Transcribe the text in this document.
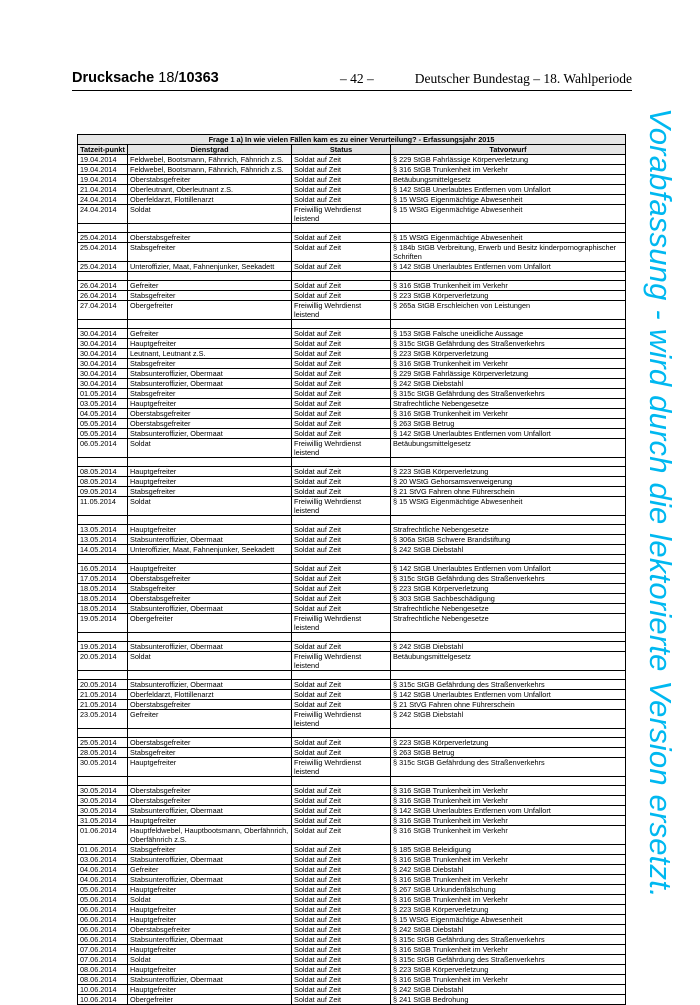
Drucksache 18/10363	– 42 –	Deutscher Bundestag – 18. Wahlperiode
Frage 1 a) In wie vielen Fällen kam es zu einer Verurteilung? - Erfassungsjahr 2015			
Tatzeit-punkt	Dienstgrad	Status	Tatvorwurf
19.04.2014	Feldwebel, Bootsmann, Fähnrich, Fähnrich z.S.	Soldat auf Zeit	§ 229 StGB Fahrlässige Körperverletzung
19.04.2014	Feldwebel, Bootsmann, Fähnrich, Fähnrich z.S.	Soldat auf Zeit	§ 316 StGB Trunkenheit im Verkehr
19.04.2014	Oberstabsgefreiter	Soldat auf Zeit	Betäubungsmittelgesetz
21.04.2014	Oberleutnant, Oberleutnant z.S.	Soldat auf Zeit	§ 142 StGB Unerlaubtes Entfernen vom Unfallort
24.04.2014	Oberfeldarzt, Flottillenarzt	Soldat auf Zeit	§ 15 WStG Eigenmächtige Abwesenheit
24.04.2014	Soldat	Freiwillig Wehrdienst leistend	§ 15 WStG Eigenmächtige Abwesenheit

25.04.2014	Oberstabsgefreiter	Soldat auf Zeit	§ 15 WStG Eigenmächtige Abwesenheit
25.04.2014	Stabsgefreiter	Soldat auf Zeit	§ 184b StGB Verbreitung, Erwerb und Besitz kinderpornographischer Schriften
25.04.2014	Unteroffizier, Maat, Fahnenjunker, Seekadett	Soldat auf Zeit	§ 142 StGB Unerlaubtes Entfernen vom Unfallort

26.04.2014	Gefreiter	Soldat auf Zeit	§ 316 StGB Trunkenheit im Verkehr
26.04.2014	Stabsgefreiter	Soldat auf Zeit	§ 223 StGB Körperverletzung
27.04.2014	Obergefreiter	Freiwillig Wehrdienst leistend	§ 265a StGB Erschleichen von Leistungen

30.04.2014	Gefreiter	Soldat auf Zeit	§ 153 StGB Falsche uneidliche Aussage
30.04.2014	Hauptgefreiter	Soldat auf Zeit	§ 315c StGB Gefährdung des Straßenverkehrs
30.04.2014	Leutnant, Leutnant z.S.	Soldat auf Zeit	§ 223 StGB Körperverletzung
30.04.2014	Stabsgefreiter	Soldat auf Zeit	§ 316 StGB Trunkenheit im Verkehr
30.04.2014	Stabsunteroffizier, Obermaat	Soldat auf Zeit	§ 229 StGB Fahrlässige Körperverletzung
30.04.2014	Stabsunteroffizier, Obermaat	Soldat auf Zeit	§ 242 StGB Diebstahl
01.05.2014	Stabsgefreiter	Soldat auf Zeit	§ 315c StGB Gefährdung des Straßenverkehrs
03.05.2014	Hauptgefreiter	Soldat auf Zeit	Strafrechtliche Nebengesetze
04.05.2014	Oberstabsgefreiter	Soldat auf Zeit	§ 316 StGB Trunkenheit im Verkehr
05.05.2014	Oberstabsgefreiter	Soldat auf Zeit	§ 263 StGB Betrug
05.05.2014	Stabsunteroffizier, Obermaat	Soldat auf Zeit	§ 142 StGB Unerlaubtes Entfernen vom Unfallort
06.05.2014	Soldat	Freiwillig Wehrdienst leistend	Betäubungsmittelgesetz

08.05.2014	Hauptgefreiter	Soldat auf Zeit	§ 223 StGB Körperverletzung
08.05.2014	Hauptgefreiter	Soldat auf Zeit	§ 20 WStG Gehorsamsverweigerung
09.05.2014	Stabsgefreiter	Soldat auf Zeit	§ 21 StVG Fahren ohne Führerschein
11.05.2014	Soldat	Freiwillig Wehrdienst leistend	§ 15 WStG Eigenmächtige Abwesenheit

13.05.2014	Hauptgefreiter	Soldat auf Zeit	Strafrechtliche Nebengesetze
13.05.2014	Stabsunteroffizier, Obermaat	Soldat auf Zeit	§ 306a StGB Schwere Brandstiftung
14.05.2014	Unteroffizier, Maat, Fahnenjunker, Seekadett	Soldat auf Zeit	§ 242 StGB Diebstahl

16.05.2014	Hauptgefreiter	Soldat auf Zeit	§ 142 StGB Unerlaubtes Entfernen vom Unfallort
17.05.2014	Oberstabsgefreiter	Soldat auf Zeit	§ 315c StGB Gefährdung des Straßenverkehrs
18.05.2014	Stabsgefreiter	Soldat auf Zeit	§ 223 StGB Körperverletzung
18.05.2014	Oberstabsgefreiter	Soldat auf Zeit	§ 303 StGB Sachbeschädigung
18.05.2014	Stabsunteroffizier, Obermaat	Soldat auf Zeit	Strafrechtliche Nebengesetze
19.05.2014	Obergefreiter	Freiwillig Wehrdienst leistend	Strafrechtliche Nebengesetze

19.05.2014	Stabsunteroffizier, Obermaat	Soldat auf Zeit	§ 242 StGB Diebstahl
20.05.2014	Soldat	Freiwillig Wehrdienst leistend	Betäubungsmittelgesetz

20.05.2014	Stabsunteroffizier, Obermaat	Soldat auf Zeit	§ 315c StGB Gefährdung des Straßenverkehrs
21.05.2014	Oberfeldarzt, Flottillenarzt	Soldat auf Zeit	§ 142 StGB Unerlaubtes Entfernen vom Unfallort
21.05.2014	Oberstabsgefreiter	Soldat auf Zeit	§ 21 StVG Fahren ohne Führerschein
23.05.2014	Gefreiter	Freiwillig Wehrdienst leistend	§ 242 StGB Diebstahl

25.05.2014	Oberstabsgefreiter	Soldat auf Zeit	§ 223 StGB Körperverletzung
28.05.2014	Stabsgefreiter	Soldat auf Zeit	§ 263 StGB Betrug
30.05.2014	Hauptgefreiter	Freiwillig Wehrdienst leistend	§ 315c StGB Gefährdung des Straßenverkehrs

30.05.2014	Oberstabsgefreiter	Soldat auf Zeit	§ 316 StGB Trunkenheit im Verkehr
30.05.2014	Oberstabsgefreiter	Soldat auf Zeit	§ 316 StGB Trunkenheit im Verkehr
30.05.2014	Stabsunteroffizier, Obermaat	Soldat auf Zeit	§ 142 StGB Unerlaubtes Entfernen vom Unfallort
31.05.2014	Hauptgefreiter	Soldat auf Zeit	§ 316 StGB Trunkenheit im Verkehr
01.06.2014	Hauptfeldwebel, Hauptbootsmann, Oberfähnrich, Oberfähnrich z.S.	Soldat auf Zeit	§ 316 StGB Trunkenheit im Verkehr
01.06.2014	Stabsgefreiter	Soldat auf Zeit	§ 185 StGB Beleidigung
03.06.2014	Stabsunteroffizier, Obermaat	Soldat auf Zeit	§ 316 StGB Trunkenheit im Verkehr
04.06.2014	Gefreiter	Soldat auf Zeit	§ 242 StGB Diebstahl
04.06.2014	Stabsunteroffizier, Obermaat	Soldat auf Zeit	§ 316 StGB Trunkenheit im Verkehr
05.06.2014	Hauptgefreiter	Soldat auf Zeit	§ 267 StGB Urkundenfälschung
05.06.2014	Soldat	Soldat auf Zeit	§ 316 StGB Trunkenheit im Verkehr
06.06.2014	Hauptgefreiter	Soldat auf Zeit	§ 223 StGB Körperverletzung
06.06.2014	Hauptgefreiter	Soldat auf Zeit	§ 15 WStG Eigenmächtige Abwesenheit
06.06.2014	Oberstabsgefreiter	Soldat auf Zeit	§ 242 StGB Diebstahl
06.06.2014	Stabsunteroffizier, Obermaat	Soldat auf Zeit	§ 315c StGB Gefährdung des Straßenverkehrs
07.06.2014	Hauptgefreiter	Soldat auf Zeit	§ 316 StGB Trunkenheit im Verkehr
07.06.2014	Soldat	Soldat auf Zeit	§ 315c StGB Gefährdung des Straßenverkehrs
08.06.2014	Hauptgefreiter	Soldat auf Zeit	§ 223 StGB Körperverletzung
08.06.2014	Stabsunteroffizier, Obermaat	Soldat auf Zeit	§ 316 StGB Trunkenheit im Verkehr
10.06.2014	Hauptgefreiter	Soldat auf Zeit	§ 242 StGB Diebstahl
10.06.2014	Obergefreiter	Soldat auf Zeit	§ 241 StGB Bedrohung
Vorabfassung - wird durch die lektorierte Version ersetzt.
